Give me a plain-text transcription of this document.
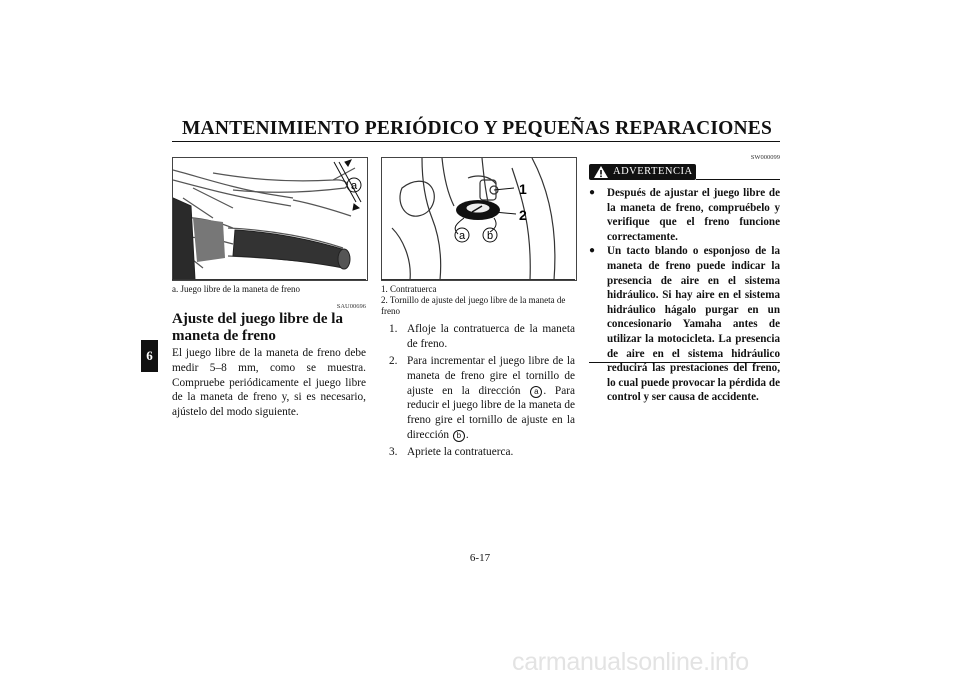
MANTENIMIENTO PERIÓDICO Y PEQUEÑAS REPARACIONES
6
a
a. Juego libre de la maneta de freno
SAU00696
Ajuste del juego libre de la maneta de freno
El juego libre de la maneta de freno debe medir 5–8 mm, como se muestra. Compruebe periódicamente el juego libre de la maneta de freno y, si es necesario, ajústelo del modo siguiente.
a b
1
2
1. Contratuerca
2. Tornillo de ajuste del juego libre de la maneta de freno
1. Afloje la contratuerca de la maneta de freno.
2. Para incrementar el juego libre de la maneta de freno gire el tornillo de ajuste en la dirección a . Para reducir el juego libre de la maneta de freno gire el tornillo de ajuste en la dirección b .
3. Apriete la contratuerca.
SW000099
ADVERTENCIA
●	Después de ajustar el juego libre de la maneta de freno, compruébelo y verifique que el freno funcione correctamente.
●	Un tacto blando o esponjoso de la maneta de freno puede indicar la presencia de aire en el sistema hidráulico. Si hay aire en el sistema hidráulico hágalo purgar en un concesionario Yamaha antes de utilizar la motocicleta. La presencia de aire en el sistema hidráulico reducirá las prestaciones del freno, lo cual puede provocar la pérdida de control y ser causa de accidente.
6-17
carmanualsonline.info
